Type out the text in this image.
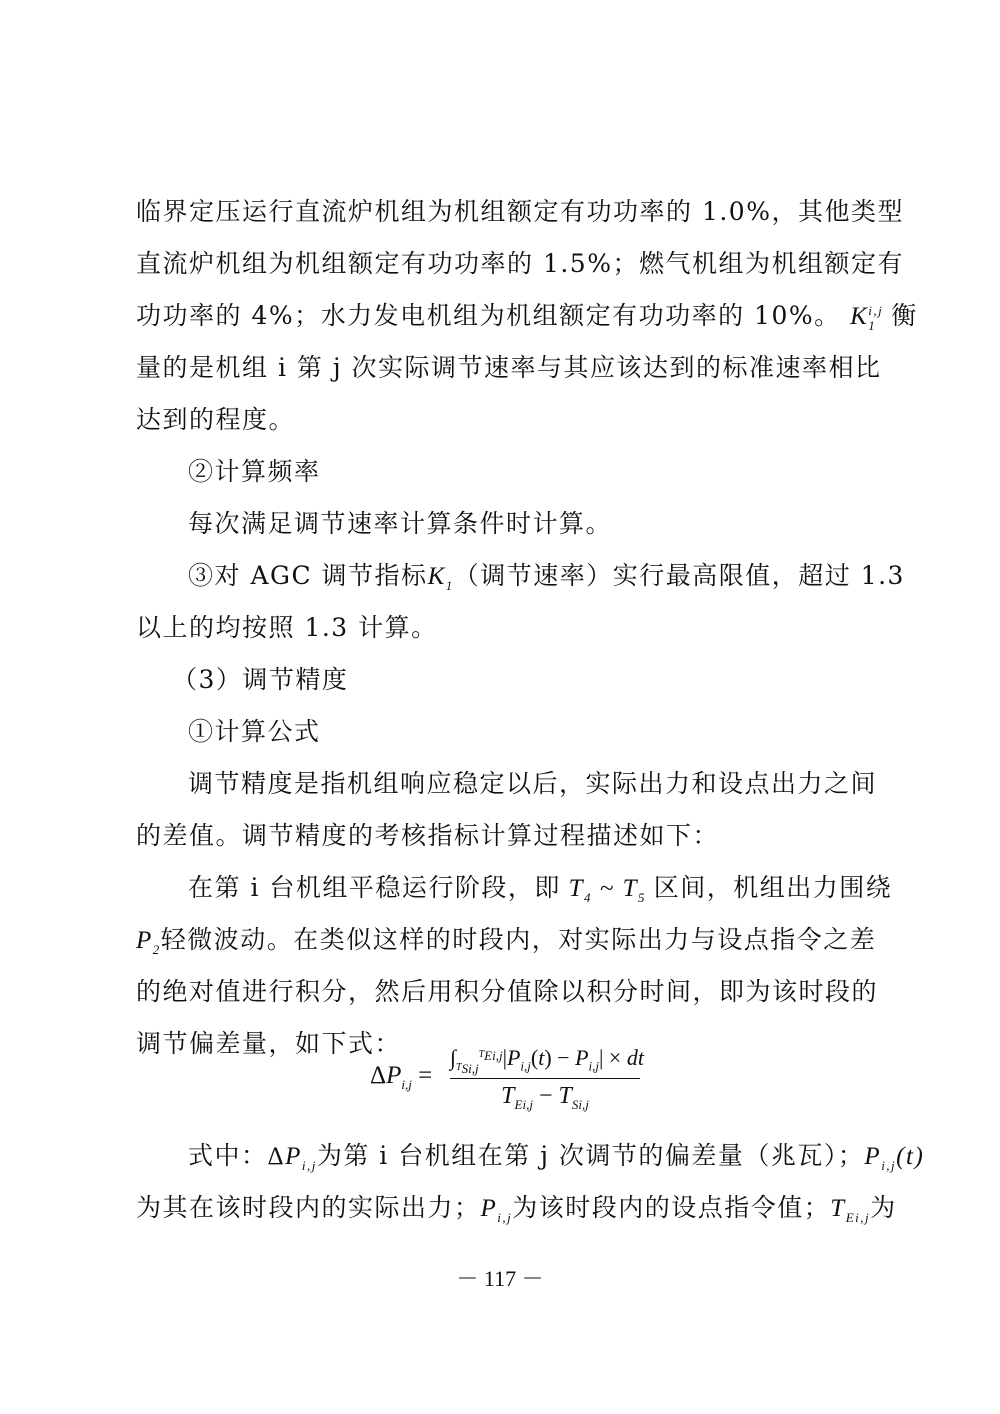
临界定压运行直流炉机组为机组额定有功功率的 1.0%，其他类型
直流炉机组为机组额定有功功率的 1.5%；燃气机组为机组额定有
功功率的 4%；水力发电机组为机组额定有功功率的 10%。 $K_1^{i,j}$ 衡
量的是机组 i 第 j 次实际调节速率与其应该达到的标准速率相比
达到的程度。
②计算频率
每次满足调节速率计算条件时计算。
③对 AGC 调节指标$K_1$（调节速率）实行最高限值，超过 1.3
以上的均按照 1.3 计算。
（3）调节精度
①计算公式
调节精度是指机组响应稳定以后，实际出力和设点出力之间
的差值。调节精度的考核指标计算过程描述如下：
在第 i 台机组平稳运行阶段，即 $T_4$ ~ $T_5$ 区间，机组出力围绕
$P_2$轻微波动。在类似这样的时段内，对实际出力与设点指令之差
的绝对值进行积分，然后用积分值除以积分时间，即为该时段的
调节偏差量，如下式：
$\Delta P_{i,j}$ =
$\int_{T_{Si,j}}^{T_{Ei,j}}|P_{i,j}(t) - P_{i,j}|$ × dt
$T_{Ei,j} - T_{Si,j}$
式中：$\Delta P_{i,j}$为第 i 台机组在第 j 次调节的偏差量（兆瓦）；$P_{i,j}(t)$
为其在该时段内的实际出力；$P_{i,j}$为该时段内的设点指令值；$T_{Ei,j}$为
－ 117 －
